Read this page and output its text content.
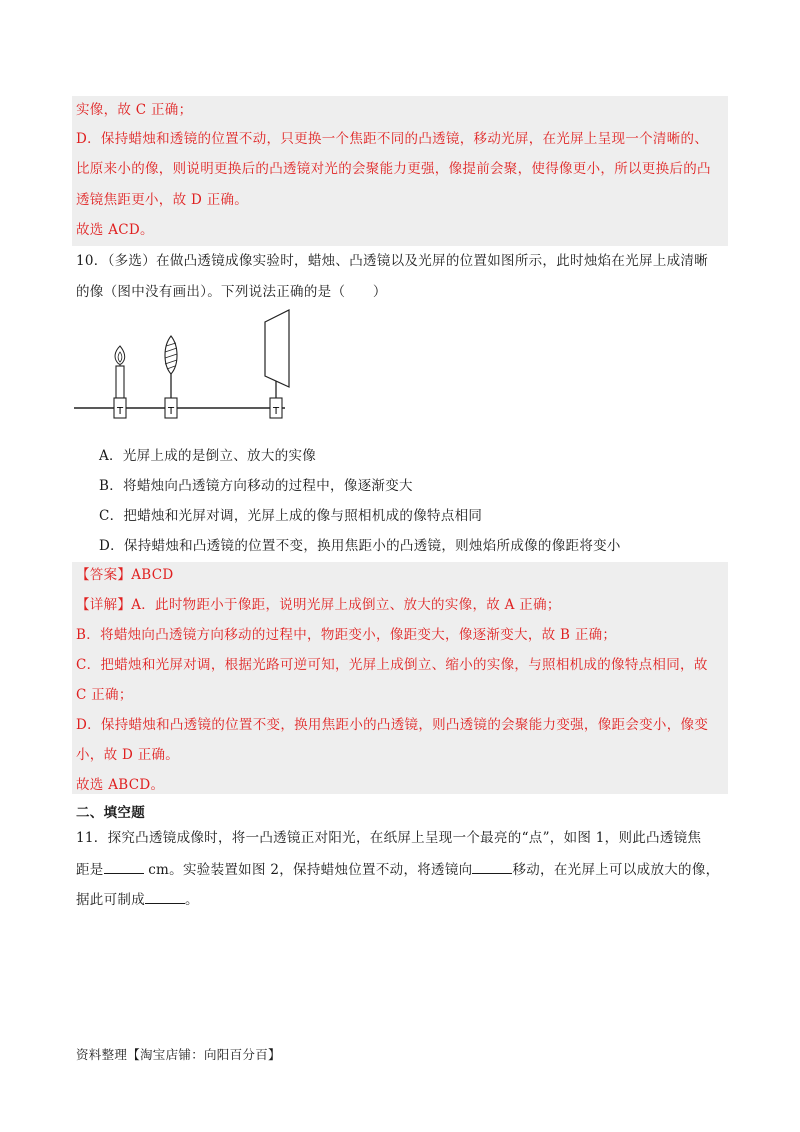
实像，故 C 正确；
D．保持蜡烛和透镜的位置不动，只更换一个焦距不同的凸透镜，移动光屏，在光屏上呈现一个清晰的、
比原来小的像，则说明更换后的凸透镜对光的会聚能力更强，像提前会聚，使得像更小，所以更换后的凸
透镜焦距更小，故 D 正确。
故选 ACD。
10．（多选）在做凸透镜成像实验时，蜡烛、凸透镜以及光屏的位置如图所示，此时烛焰在光屏上成清晰
的像（图中没有画出）。下列说法正确的是（　　）
T	T	T
A．光屏上成的是倒立、放大的实像
B．将蜡烛向凸透镜方向移动的过程中，像逐渐变大
C．把蜡烛和光屏对调，光屏上成的像与照相机成的像特点相同
D．保持蜡烛和凸透镜的位置不变，换用焦距小的凸透镜，则烛焰所成像的像距将变小
【答案】ABCD
【详解】A．此时物距小于像距，说明光屏上成倒立、放大的实像，故 A 正确；
B．将蜡烛向凸透镜方向移动的过程中，物距变小，像距变大，像逐渐变大，故 B 正确；
C．把蜡烛和光屏对调，根据光路可逆可知，光屏上成倒立、缩小的实像，与照相机成的像特点相同，故
C 正确；
D．保持蜡烛和凸透镜的位置不变，换用焦距小的凸透镜，则凸透镜的会聚能力变强，像距会变小，像变
小，故 D 正确。
故选 ABCD。
二、填空题
11．探究凸透镜成像时，将一凸透镜正对阳光，在纸屏上呈现一个最亮的“点”，如图 1，则此凸透镜焦
距是	cm。实验装置如图 2，保持蜡烛位置不动，将透镜向	移动，在光屏上可以成放大的像，
据此可制成	。
资料整理【淘宝店铺：向阳百分百】
